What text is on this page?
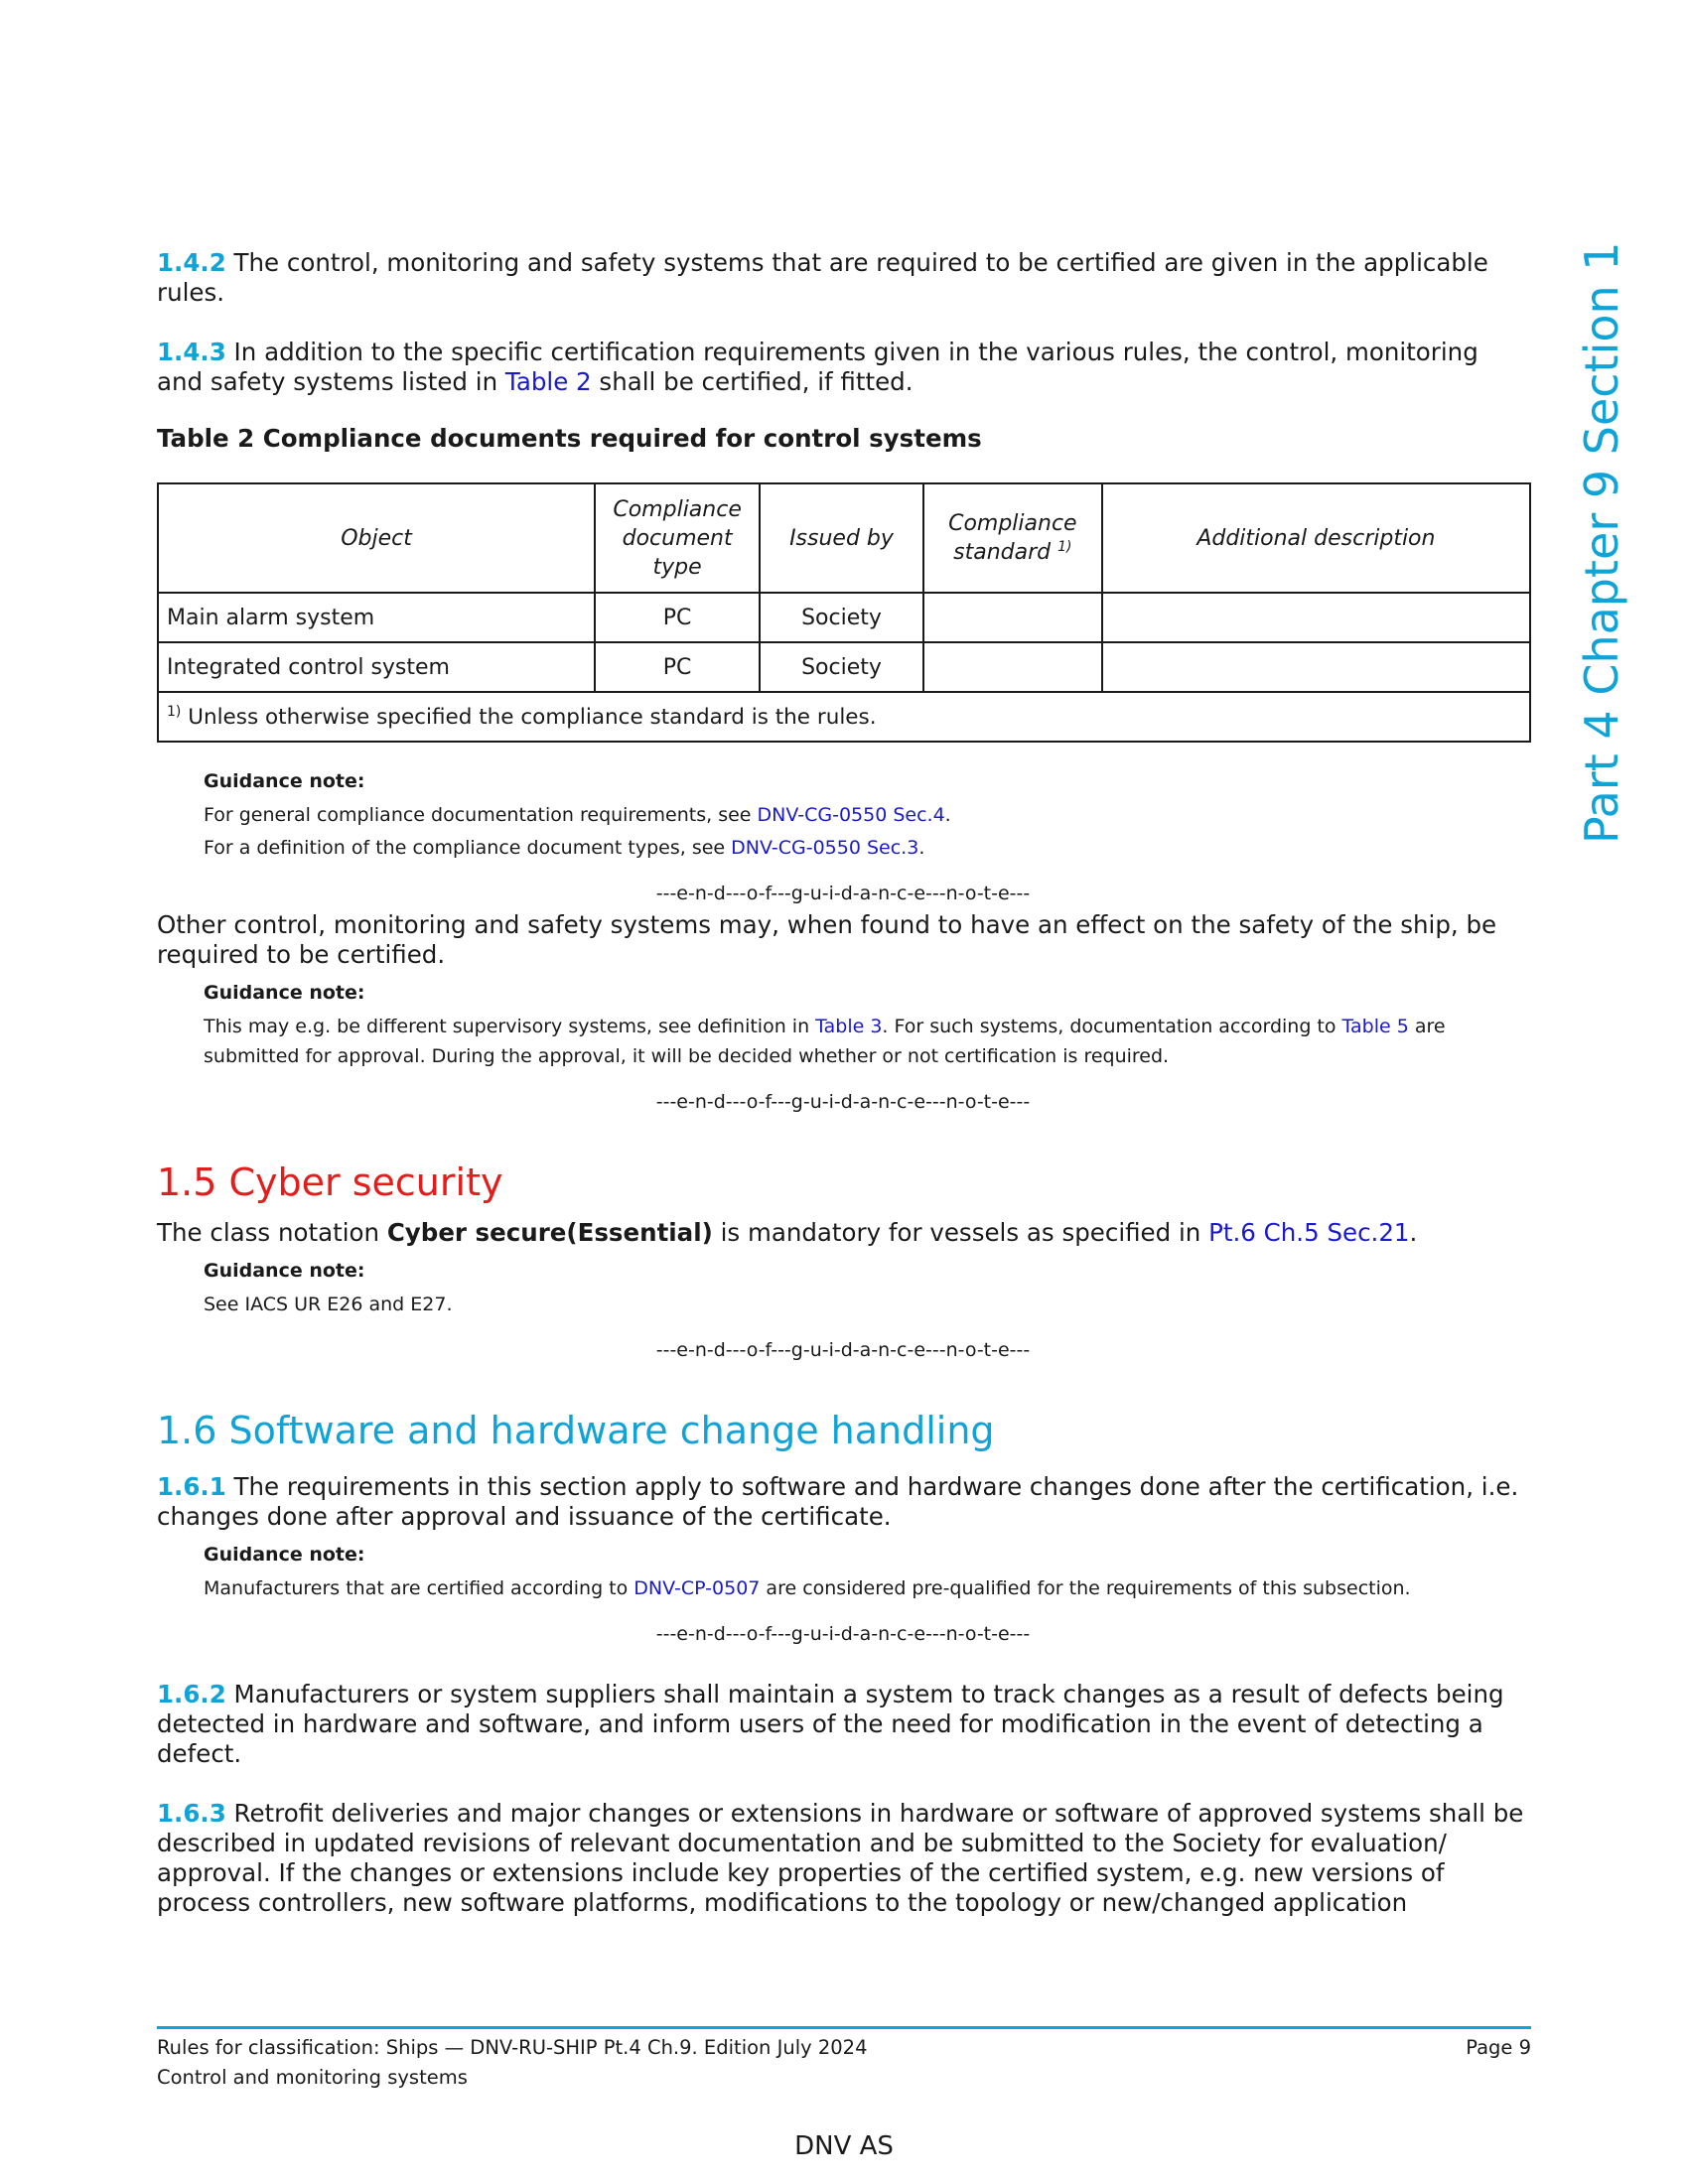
Part 4 Chapter 9 Section 1

1.4.2 The control, monitoring and safety systems that are required to be certified are given in the applicable rules.

1.4.3 In addition to the specific certification requirements given in the various rules, the control, monitoring and safety systems listed in Table 2 shall be certified, if fitted.

Table 2 Compliance documents required for control systems

Object	Compliance document type	Issued by	Compliance standard $^{1)}$	Additional description
Main alarm system	PC	Society		
Integrated control system	PC	Society		
$^{1)}$ Unless otherwise specified the compliance standard is the rules.				

Guidance note:

For general compliance documentation requirements, see DNV-CG-0550 Sec.4.

For a definition of the compliance document types, see DNV-CG-0550 Sec.3.

---e-n-d---o-f---g-u-i-d-a-n-c-e---n-o-t-e---

Other control, monitoring and safety systems may, when found to have an effect on the safety of the ship, be required to be certified.

Guidance note:

This may e.g. be different supervisory systems, see definition in Table 3. For such systems, documentation according to Table 5 are submitted for approval. During the approval, it will be decided whether or not certification is required.

---e-n-d---o-f---g-u-i-d-a-n-c-e---n-o-t-e---

1.5 Cyber security

The class notation Cyber secure(Essential) is mandatory for vessels as specified in Pt.6 Ch.5 Sec.21.

Guidance note:

See IACS UR E26 and E27.

---e-n-d---o-f---g-u-i-d-a-n-c-e---n-o-t-e---

1.6 Software and hardware change handling

1.6.1 The requirements in this section apply to software and hardware changes done after the certification, i.e. changes done after approval and issuance of the certificate.

Guidance note:

Manufacturers that are certified according to DNV-CP-0507 are considered pre-qualified for the requirements of this subsection.

---e-n-d---o-f---g-u-i-d-a-n-c-e---n-o-t-e---

1.6.2 Manufacturers or system suppliers shall maintain a system to track changes as a result of defects being detected in hardware and software, and inform users of the need for modification in the event of detecting a defect.

1.6.3 Retrofit deliveries and major changes or extensions in hardware or software of approved systems shall be described in updated revisions of relevant documentation and be submitted to the Society for evaluation/ approval. If the changes or extensions include key properties of the certified system, e.g. new versions of process controllers, new software platforms, modifications to the topology or new/changed application

Rules for classification: Ships — DNV-RU-SHIP Pt.4 Ch.9. Edition July 2024	Page 9
Control and monitoring systems
DNV AS
